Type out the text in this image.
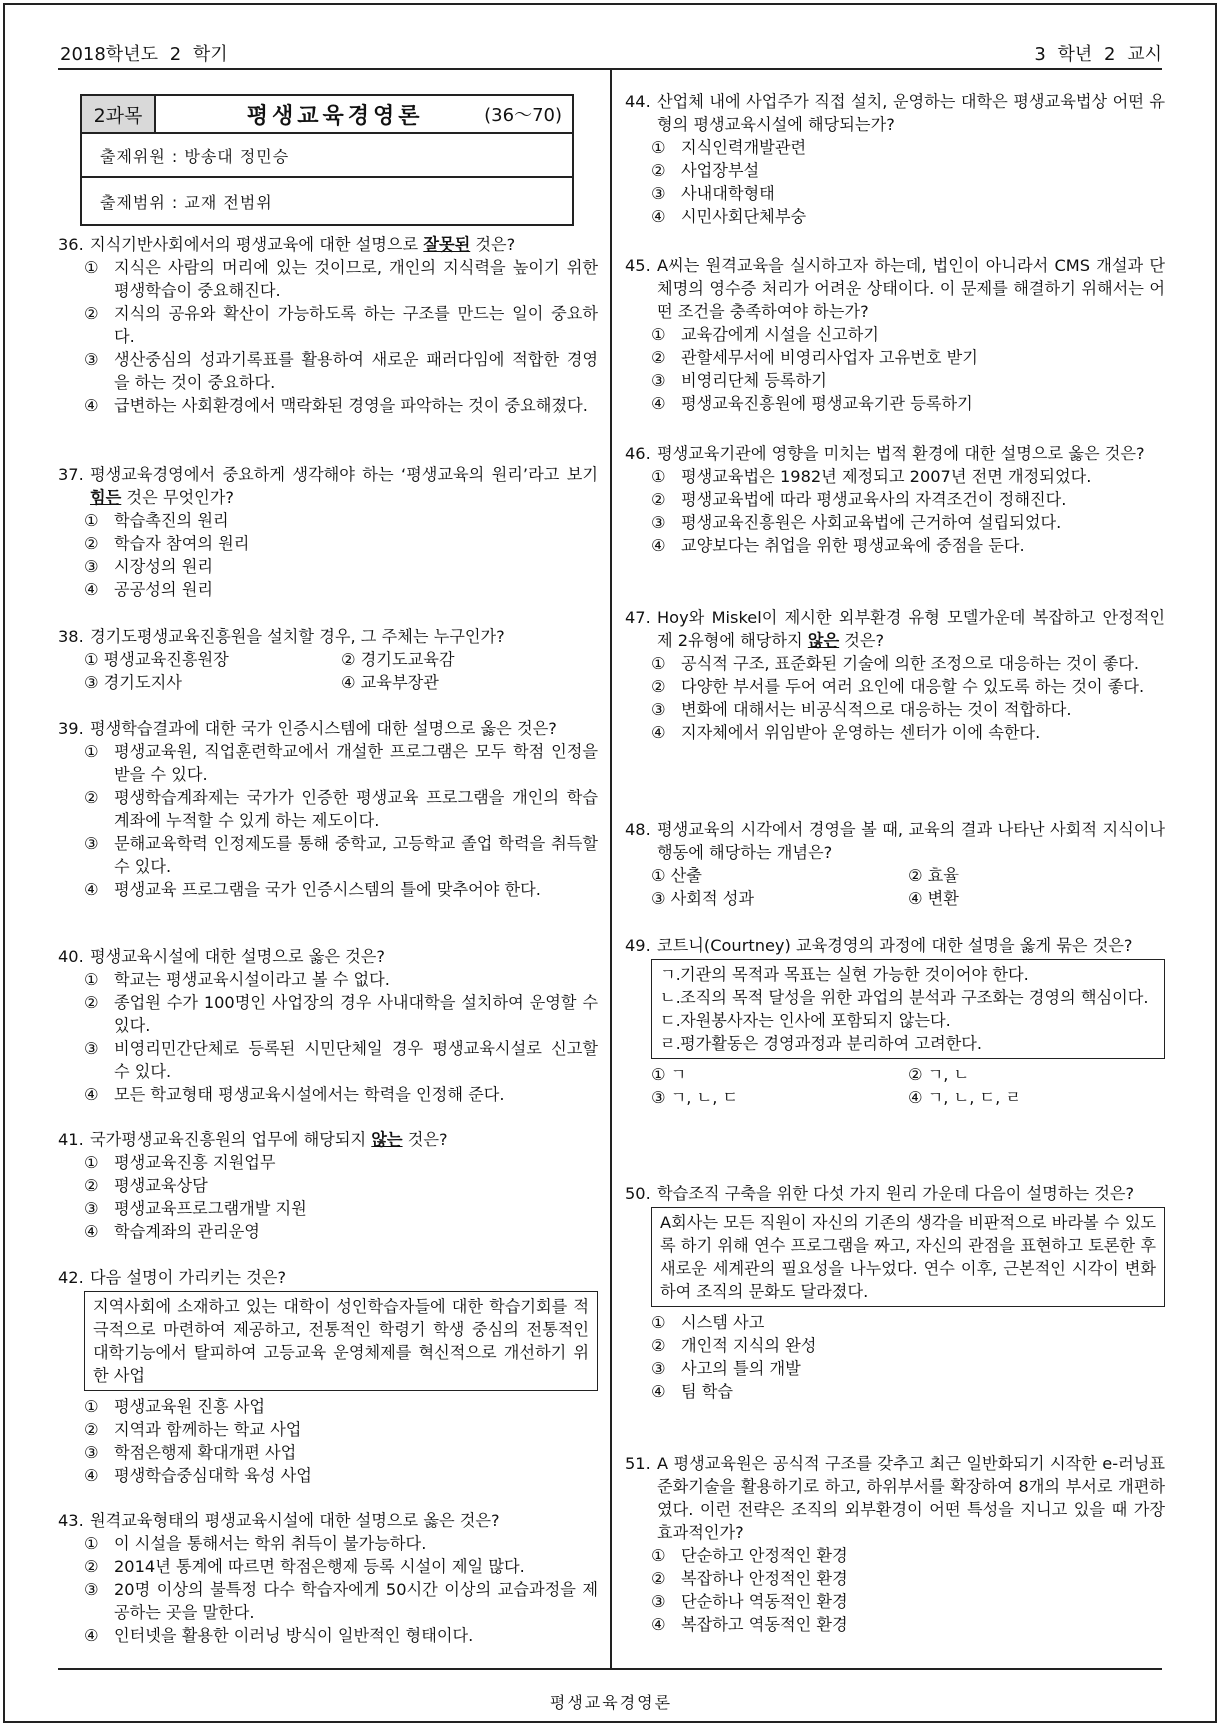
2018학년도 2 학기	3 학년 2 교시
2과목	평생교육경영론	(36～70)
출제위원 : 방송대 정민승
출제범위 : 교재 전범위
36. 지식기반사회에서의 평생교육에 대한 설명으로 잘못된 것은?
① 지식은 사람의 머리에 있는 것이므로, 개인의 지식력을 높이기 위한 평생학습이 중요해진다.
② 지식의 공유와 확산이 가능하도록 하는 구조를 만드는 일이 중요하다.
③ 생산중심의 성과기록표를 활용하여 새로운 패러다임에 적합한 경영을 하는 것이 중요하다.
④ 급변하는 사회환경에서 맥락화된 경영을 파악하는 것이 중요해졌다.
37. 평생교육경영에서 중요하게 생각해야 하는 ‘평생교육의 원리’라고 보기 힘든 것은 무엇인가?
① 학습촉진의 원리
② 학습자 참여의 원리
③ 시장성의 원리
④ 공공성의 원리
38. 경기도평생교육진흥원을 설치할 경우, 그 주체는 누구인가?
① 평생교육진흥원장	② 경기도교육감
③ 경기도지사	④ 교육부장관
39. 평생학습결과에 대한 국가 인증시스템에 대한 설명으로 옳은 것은?
① 평생교육원, 직업훈련학교에서 개설한 프로그램은 모두 학점 인정을 받을 수 있다.
② 평생학습계좌제는 국가가 인증한 평생교육 프로그램을 개인의 학습계좌에 누적할 수 있게 하는 제도이다.
③ 문해교육학력 인정제도를 통해 중학교, 고등학교 졸업 학력을 취득할 수 있다.
④ 평생교육 프로그램을 국가 인증시스템의 틀에 맞추어야 한다.
40. 평생교육시설에 대한 설명으로 옳은 것은?
① 학교는 평생교육시설이라고 볼 수 없다.
② 종업원 수가 100명인 사업장의 경우 사내대학을 설치하여 운영할 수 있다.
③ 비영리민간단체로 등록된 시민단체일 경우 평생교육시설로 신고할 수 있다.
④ 모든 학교형태 평생교육시설에서는 학력을 인정해 준다.
41. 국가평생교육진흥원의 업무에 해당되지 않는 것은?
① 평생교육진흥 지원업무
② 평생교육상담
③ 평생교육프로그램개발 지원
④ 학습계좌의 관리운영
42. 다음 설명이 가리키는 것은?
지역사회에 소재하고 있는 대학이 성인학습자들에 대한 학습기회를 적극적으로 마련하여 제공하고, 전통적인 학령기 학생 중심의 전통적인 대학기능에서 탈피하여 고등교육 운영체제를 혁신적으로 개선하기 위한 사업
① 평생교육원 진흥 사업
② 지역과 함께하는 학교 사업
③ 학점은행제 확대개편 사업
④ 평생학습중심대학 육성 사업
43. 원격교육형태의 평생교육시설에 대한 설명으로 옳은 것은?
① 이 시설을 통해서는 학위 취득이 불가능하다.
② 2014년 통계에 따르면 학점은행제 등록 시설이 제일 많다.
③ 20명 이상의 불특정 다수 학습자에게 50시간 이상의 교습과정을 제공하는 곳을 말한다.
④ 인터넷을 활용한 이러닝 방식이 일반적인 형태이다.
44. 산업체 내에 사업주가 직접 설치, 운영하는 대학은 평생교육법상 어떤 유형의 평생교육시설에 해당되는가?
① 지식인력개발관련
② 사업장부설
③ 사내대학형태
④ 시민사회단체부숭
45. A씨는 원격교육을 실시하고자 하는데, 법인이 아니라서 CMS 개설과 단체명의 영수증 처리가 어려운 상태이다. 이 문제를 해결하기 위해서는 어떤 조건을 충족하여야 하는가?
① 교육감에게 시설을 신고하기
② 관할세무서에 비영리사업자 고유번호 받기
③ 비영리단체 등록하기
④ 평생교육진흥원에 평생교육기관 등록하기
46. 평생교육기관에 영향을 미치는 법적 환경에 대한 설명으로 옳은 것은?
① 평생교육법은 1982년 제정되고 2007년 전면 개정되었다.
② 평생교육법에 따라 평생교육사의 자격조건이 정해진다.
③ 평생교육진흥원은 사회교육법에 근거하여 설립되었다.
④ 교양보다는 취업을 위한 평생교육에 중점을 둔다.
47. Hoy와 Miskel이 제시한 외부환경 유형 모델가운데 복잡하고 안정적인 제 2유형에 해당하지 않은 것은?
① 공식적 구조, 표준화된 기술에 의한 조정으로 대응하는 것이 좋다.
② 다양한 부서를 두어 여러 요인에 대응할 수 있도록 하는 것이 좋다.
③ 변화에 대해서는 비공식적으로 대응하는 것이 적합하다.
④ 지자체에서 위임받아 운영하는 센터가 이에 속한다.
48. 평생교육의 시각에서 경영을 볼 때, 교육의 결과 나타난 사회적 지식이나 행동에 해당하는 개념은?
① 산출	② 효율
③ 사회적 성과	④ 변환
49. 코트니(Courtney) 교육경영의 과정에 대한 설명을 옳게 묶은 것은?
ㄱ. 기관의 목적과 목표는 실현 가능한 것이어야 한다.
ㄴ. 조직의 목적 달성을 위한 과업의 분석과 구조화는 경영의 핵심이다.
ㄷ. 자원봉사자는 인사에 포함되지 않는다.
ㄹ. 평가활동은 경영과정과 분리하여 고려한다.
① ㄱ	② ㄱ, ㄴ
③ ㄱ, ㄴ, ㄷ	④ ㄱ, ㄴ, ㄷ, ㄹ
50. 학습조직 구축을 위한 다섯 가지 원리 가운데 다음이 설명하는 것은?
A회사는 모든 직원이 자신의 기존의 생각을 비판적으로 바라볼 수 있도록 하기 위해 연수 프로그램을 짜고, 자신의 관점을 표현하고 토론한 후 새로운 세계관의 필요성을 나누었다. 연수 이후, 근본적인 시각이 변화하여 조직의 문화도 달라졌다.
① 시스템 사고
② 개인적 지식의 완성
③ 사고의 틀의 개발
④ 팀 학습
51. A 평생교육원은 공식적 구조를 갖추고 최근 일반화되기 시작한 e-러닝표준화기술을 활용하기로 하고, 하위부서를 확장하여 8개의 부서로 개편하였다. 이런 전략은 조직의 외부환경이 어떤 특성을 지니고 있을 때 가장 효과적인가?
① 단순하고 안정적인 환경
② 복잡하나 안정적인 환경
③ 단순하나 역동적인 환경
④ 복잡하고 역동적인 환경
평생교육경영론
